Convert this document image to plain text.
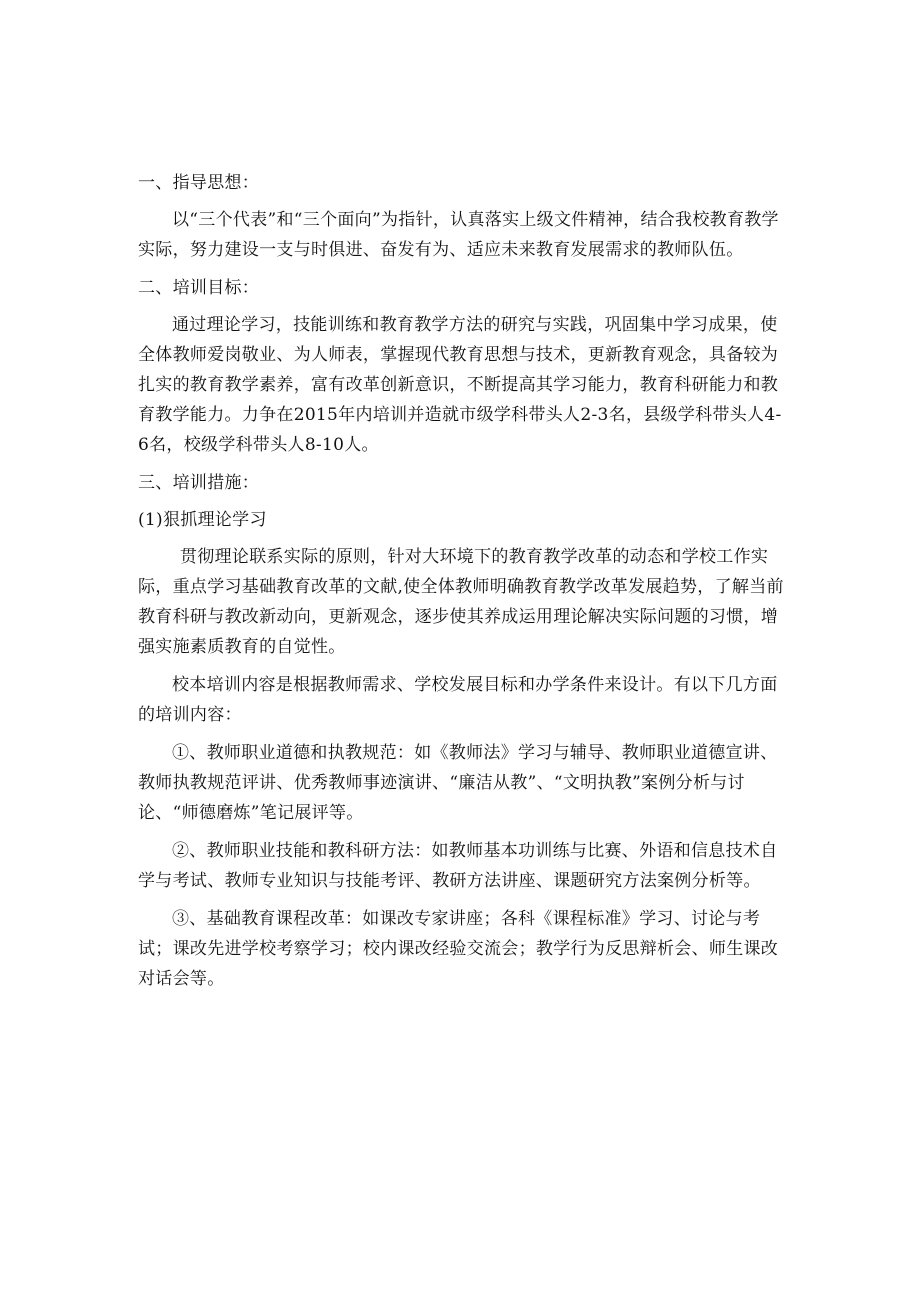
一、指导思想：

以“三个代表”和“三个面向”为指针，认真落实上级文件精神，结合我校教育教学实际，努力建设一支与时俱进、奋发有为、适应未来教育发展需求的教师队伍。

二、培训目标：

通过理论学习，技能训练和教育教学方法的研究与实践，巩固集中学习成果，使全体教师爱岗敬业、为人师表，掌握现代教育思想与技术，更新教育观念，具备较为扎实的教育教学素养，富有改革创新意识，不断提高其学习能力，教育科研能力和教育教学能力。力争在2015年内培训并造就市级学科带头人2-3名，县级学科带头人4-6名，校级学科带头人8-10人。

三、培训措施：

(1)狠抓理论学习

贯彻理论联系实际的原则，针对大环境下的教育教学改革的动态和学校工作实际，重点学习基础教育改革的文献,使全体教师明确教育教学改革发展趋势，了解当前教育科研与教改新动向，更新观念，逐步使其养成运用理论解决实际问题的习惯，增强实施素质教育的自觉性。

校本培训内容是根据教师需求、学校发展目标和办学条件来设计。有以下几方面的培训内容：

①、教师职业道德和执教规范：如《教师法》学习与辅导、教师职业道德宣讲、教师执教规范评讲、优秀教师事迹演讲、“廉洁从教”、“文明执教”案例分析与讨论、“师德磨炼”笔记展评等。

②、教师职业技能和教科研方法：如教师基本功训练与比赛、外语和信息技术自学与考试、教师专业知识与技能考评、教研方法讲座、课题研究方法案例分析等。

③、基础教育课程改革：如课改专家讲座；各科《课程标准》学习、讨论与考试；课改先进学校考察学习；校内课改经验交流会；教学行为反思辩析会、师生课改对话会等。
